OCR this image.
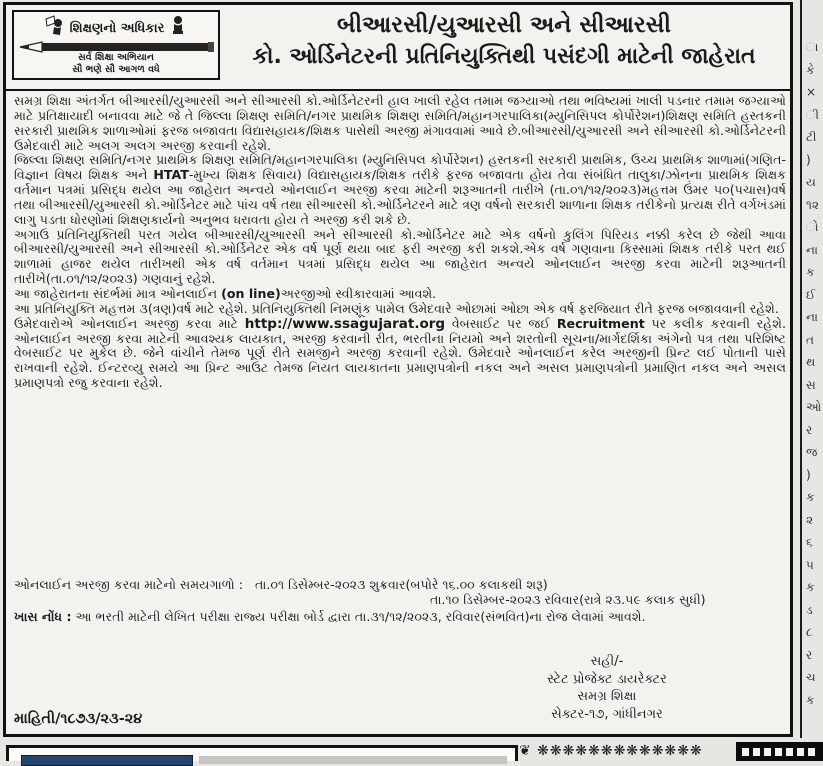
શિક્ષણનો અધિકાર
સર્વ શિક્ષા અભિયાન
સૌ ભણે સૌ આગળ વધે
બીઆરસી/યુઆરસી અને સીઆરસી
કો. ઓર્ડિનેટરની પ્રતિનિયુક્તિથી પસંદગી માટેની જાહેરાત

સમગ્ર શિક્ષા અંતર્ગત બીઆરસી/યુઆરસી અને સીઆરસી કો.ઓર્ડિનેટરની હાલ ખાલી રહેલ તમામ જગ્યાઓ તથા ભવિષ્યમાં ખાલી પડનાર તમામ જગ્યાઓ માટે પ્રતિક્ષાયાદી બનાવવા માટે જે તે જિલ્લા શિક્ષણ સમિતિ/નગર પ્રાથમિક શિક્ષણ સમિતિ/મહાનગરપાલિકા(મ્યુનિસિપલ કોર્પોરેશન)શિક્ષણ સમિતિ હસ્તકની સરકારી પ્રાથમિક શાળાઓમાં ફરજ બજાવતા વિદ્યાસહાયક/શિક્ષક પાસેથી અરજી મંગાવવામાં આવે છે.બીઆરસી/યુઆરસી અને સીઆરસી કો.ઓર્ડિનેટરની ઉમેદવારી માટે અલગ અલગ અરજી કરવાની રહેશે.

જિલ્લા શિક્ષણ સમિતિ/નગર પ્રાથમિક શિક્ષણ સમિતિ/મહાનગરપાલિકા (મ્યુનિસિપલ કોર્પોરેશન) હસ્તકની સરકારી પ્રાથમિક, ઉચ્ચ પ્રાથમિક શાળામાં(ગણિત-વિજ્ઞાન વિષય શિક્ષક અને HTAT-મુખ્ય શિક્ષક સિવાય) વિદ્યાસહાયક/શિક્ષક તરીકે ફરજ બજાવતા હોય તેવા સંબંધિત તાલુકા/ઝોનના પ્રાથમિક શિક્ષક વર્તમાન પત્રમાં પ્રસિદ્ધ થયેલ આ જાહેરાત અન્વયે ઓનલાઈન અરજી કરવા માટેની શરૂઆતની તારીખે (તા.૦૧/૧૨/૨૦૨૩)મહત્તમ ઉંમર ૫૦(પચાસ)વર્ષ તથા બીઆરસી/યુઆરસી કો.ઓર્ડિનેટર માટે પાંચ વર્ષ તથા સીઆરસી કો.ઓર્ડિનેટરને માટે ત્રણ વર્ષનો સરકારી શાળાના શિક્ષક તરીકેનો પ્રત્યક્ષ રીતે વર્ગખંડમાં લાગુ પડતા ધોરણોમાં શિક્ષણકાર્યનો અનુભવ ધરાવતા હોય તે અરજી કરી શકે છે.

અગાઉ પ્રતિનિયુક્તિથી પરત ગયેલ બીઆરસી/યુઆરસી અને સીઆરસી કો.ઓર્ડિનેટર માટે એક વર્ષનો કુલિંગ પિરિયડ નક્કી કરેલ છે જેથી આવા બીઆરસી/યુઆરસી અને સીઆરસી કો.ઓર્ડિનેટર એક વર્ષ પૂર્ણ થયા બાદ ફરી અરજી કરી શકશે.એક વર્ષ ગણવાના કિસ્સામાં શિક્ષક તરીકે પરત થઈ શાળામાં હાજર થયેલ તારીખથી એક વર્ષ વર્તમાન પત્રમાં પ્રસિદ્ધ થયેલ આ જાહેરાત અન્વયે ઓનલાઈન અરજી કરવા માટેની શરૂઆતની તારીખે(તા.૦૧/૧૨/૨૦૨૩) ગણવાનું રહેશે.

આ જાહેરાતના સંદર્ભમાં માત્ર ઓનલાઈન (on line)અરજીઓ સ્વીકારવામાં આવશે.

આ પ્રતિનિયુક્તિ મહત્તમ ૩(ત્રણ)વર્ષ માટે રહેશે. પ્રતિનિયુક્તિથી નિમણૂંક પામેલ ઉમેદવારે ઓછામાં ઓછા એક વર્ષ ફરજિયાત રીતે ફરજ બજાવવાની રહેશે.

ઉમેદવારોએ ઓનલાઈન અરજી કરવા માટે http://www.ssagujarat.org વેબસાઈટ પર જઈ Recruitment પર કલીક કરવાની રહેશે. ઓનલાઈન અરજી કરવા માટેની આવશ્યક લાયકાત, અરજી કરવાની રીત, ભરતીના નિયમો અને શરતોની સૂચના/માર્ગદર્શિકા અંગેનો પત્ર તથા પરિશિષ્ટ વેબસાઈટ પર મુકેલ છે. જેને વાંચીને તેમજ પૂર્ણ રીતે સમજીને અરજી કરવાની રહેશે. ઉમેદવારે ઓનલાઈન કરેલ અરજીની પ્રિન્ટ લઈ પોતાની પાસે રાખવાની રહેશે. ઈન્ટરવ્યુ સમયે આ પ્રિન્ટ આઉટ તેમજ નિયત લાયકાતના પ્રમાણપત્રોની નકલ અને અસલ પ્રમાણપત્રોની પ્રમાણિત નકલ અને અસલ પ્રમાણપત્રો રજુ કરવાના રહેશે.

ઓનલાઈન અરજી કરવા માટેનો સમયગાળો : તા.૦૧ ડિસેમ્બર-૨૦૨૩ શુક્રવાર(બપોરે ૧૬.૦૦ કલાકથી શરૂ)
તા.૧૦ ડિસેમ્બર-૨૦૨૩ રવિવાર(રાત્રે ૨૩.૫૯ કલાક સુધી)
ખાસ નોંધ : આ ભરતી માટેની લેખિત પરીક્ષા રાજ્ય પરીક્ષા બોર્ડ દ્વારા તા.૩૧/૧૨/૨૦૨૩, રવિવાર(સંભવિત)ના રોજ લેવામાં આવશે.
સહી/-
સ્ટેટ પ્રોજેક્ટ ડાયરેક્ટર
સમગ્ર શિક્ષા
સેક્ટર-૧૭, ગાંધીનગર
માહિતી/૧૮૭૩/૨૩-૨૪
ા
કે
×
ી
ટી
)
ય
૧૨
ો
ના
ક
ઈ
ના
ત
થ
સ
ઓ
ર
જ
)
ક
૨
૬
પ
ક
ડ
૮
ર
ચ
ક
❦ ❋❋❋❋❋❋❋❋❋❋❋❋❋
